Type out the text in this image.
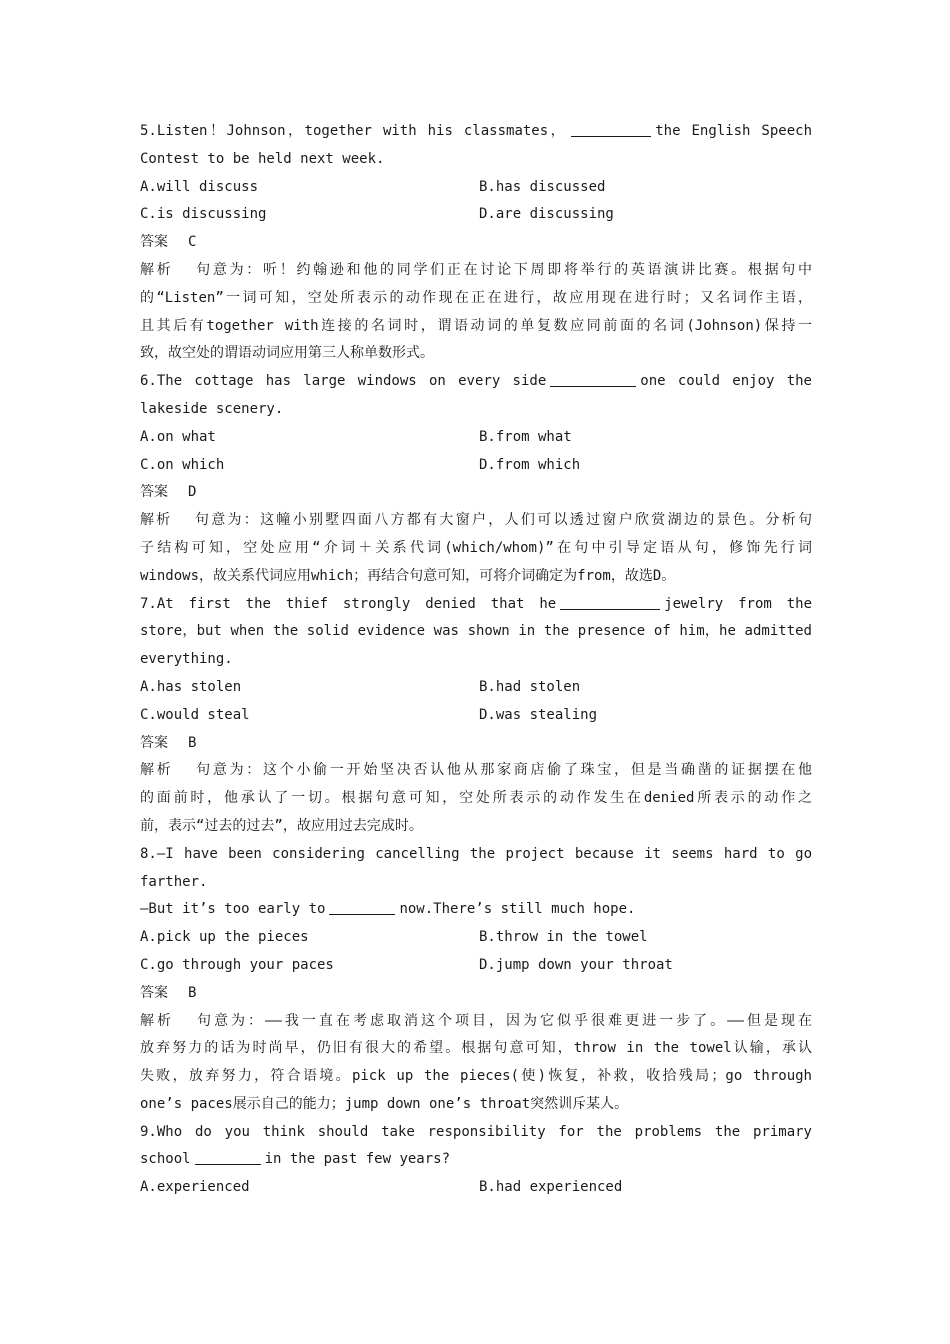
5.Listen！Johnson，together with his classmates，	the English Speech
Contest to be held next week.
A.will discuss	B.has discussed
C.is discussing	D.are discussing
答案 C
解析 句意为：听！约翰逊和他的同学们正在讨论下周即将举行的英语演讲比赛。根据句中
的“Listen”一词可知，空处所表示的动作现在正在进行，故应用现在进行时；又名词作主语，
且其后有together with连接的名词时，谓语动词的单复数应同前面的名词(Johnson)保持一
致，故空处的谓语动词应用第三人称单数形式。
6.The cottage has large windows on every side	one could enjoy the
lakeside scenery.
A.on what	B.from what
C.on which	D.from which
答案 D
解析 句意为：这幢小别墅四面八方都有大窗户，人们可以透过窗户欣赏湖边的景色。分析句
子结构可知，空处应用“介词＋关系代词(which/whom)”在句中引导定语从句，修饰先行词
windows，故关系代词应用which；再结合句意可知，可将介词确定为from，故选D。
7.At first the thief strongly denied that he	jewelry from the
store，but when the solid evidence was shown in the presence of him，he admitted
everything.
A.has stolen	B.had stolen
C.would steal	D.was stealing
答案 B
解析 句意为：这个小偷一开始坚决否认他从那家商店偷了珠宝，但是当确凿的证据摆在他
的面前时，他承认了一切。根据句意可知，空处所表示的动作发生在denied所表示的动作之
前，表示“过去的过去”，故应用过去完成时。
8.—I have been considering cancelling the project because it seems hard to go
farther.
—But it’s too early to	now.There’s still much hope.
A.pick up the pieces	B.throw in the towel
C.go through your paces	D.jump down your throat
答案 B
解析 句意为：——我一直在考虑取消这个项目，因为它似乎很难更进一步了。——但是现在
放弃努力的话为时尚早，仍旧有很大的希望。根据句意可知，throw in the towel认输，承认
失败，放弃努力，符合语境。pick up the pieces(使)恢复，补救，收拾残局；go through
one’s paces展示自己的能力；jump down one’s throat突然训斥某人。
9.Who do you think should take responsibility for the problems the primary
school	in the past few years?
A.experienced	B.had experienced
